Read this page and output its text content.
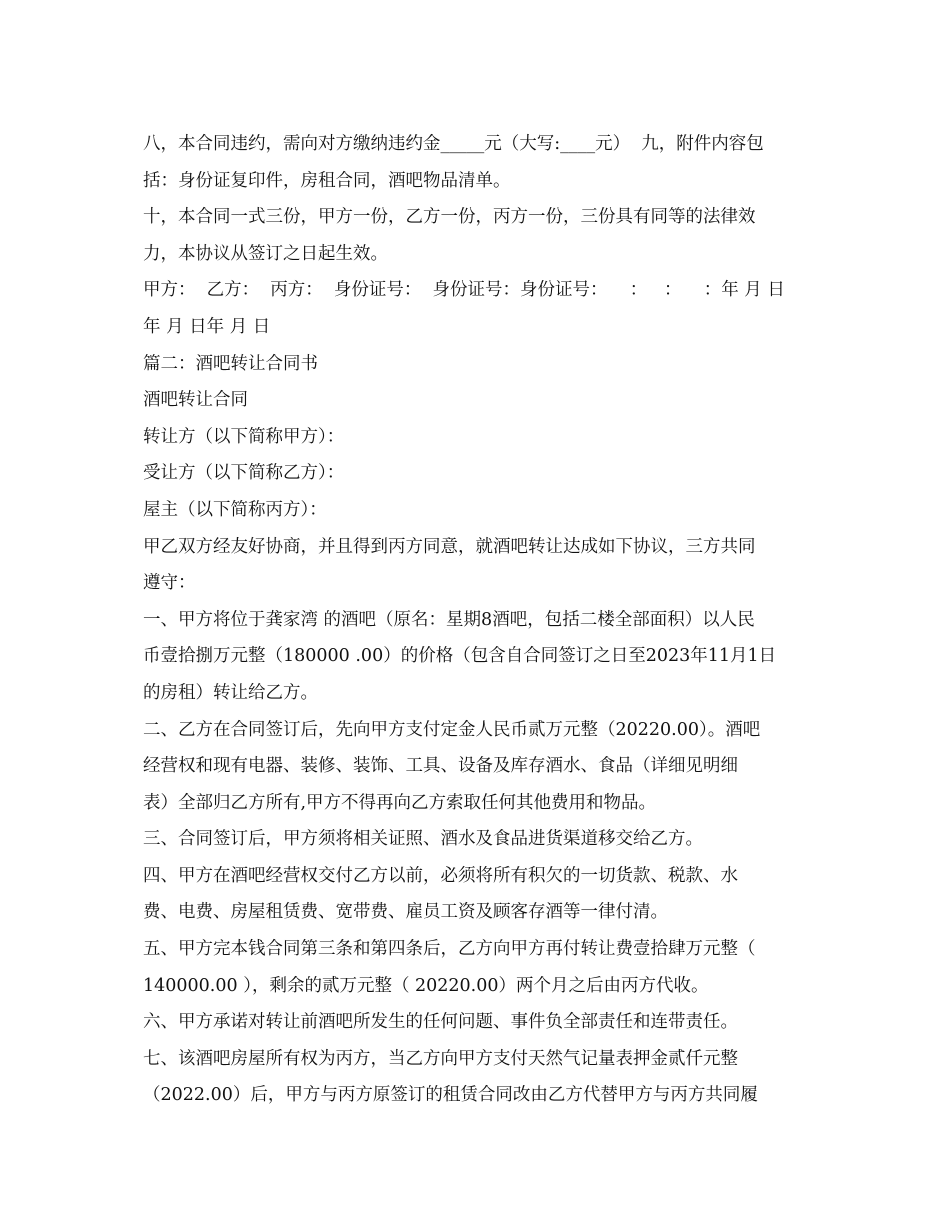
八，本合同违约，需向对方缴纳违约金_____元（大写:____元）  九，附件内容包
括：身份证复印件，房租合同，酒吧物品清单。
十，本合同一式三份，甲方一份，乙方一份，丙方一份，三份具有同等的法律效
力，本协议从签订之日起生效。
甲方：  乙方：  丙方：  身份证号：  身份证号：身份证号：    ：   ：    ：年 月 日
年 月 日年 月 日
篇二：酒吧转让合同书
酒吧转让合同
转让方（以下简称甲方）：
受让方（以下简称乙方）：
屋主（以下简称丙方）：
甲乙双方经友好协商，并且得到丙方同意，就酒吧转让达成如下协议，三方共同
遵守：
一、甲方将位于龚家湾 的酒吧（原名：星期8酒吧，包括二楼全部面积）以人民
币壹拾捌万元整（180000 .00）的价格（包含自合同签订之日至2023年11月1日
的房租）转让给乙方。
二、乙方在合同签订后，先向甲方支付定金人民币贰万元整（20220.00）。酒吧
经营权和现有电器、装修、装饰、工具、设备及库存酒水、食品（详细见明细
表）全部归乙方所有,甲方不得再向乙方索取任何其他费用和物品。
三、合同签订后，甲方须将相关证照、酒水及食品进货渠道移交给乙方。
四、甲方在酒吧经营权交付乙方以前，必须将所有积欠的一切货款、税款、水
费、电费、房屋租赁费、宽带费、雇员工资及顾客存酒等一律付清。
五、甲方完本钱合同第三条和第四条后，乙方向甲方再付转让费壹拾肆万元整（
140000.00 ），剩余的贰万元整（ 20220.00）两个月之后由丙方代收。
六、甲方承诺对转让前酒吧所发生的任何问题、事件负全部责任和连带责任。
七、该酒吧房屋所有权为丙方，当乙方向甲方支付天然气记量表押金贰仟元整
（2022.00）后，甲方与丙方原签订的租赁合同改由乙方代替甲方与丙方共同履
